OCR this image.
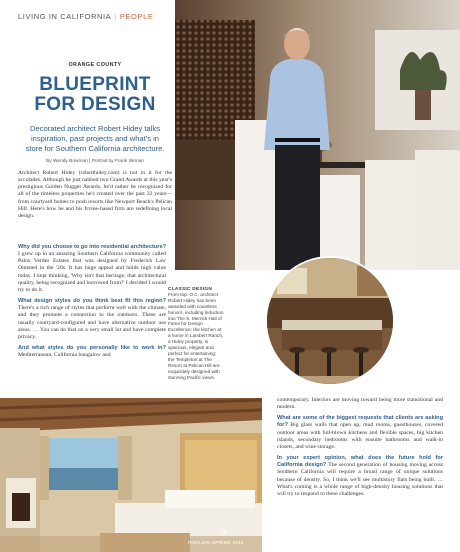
LIVING IN CALIFORNIA | PEOPLE
ORANGE COUNTY
BLUEPRINT
FOR DESIGN
Decorated architect Robert Hidey talks inspiration, past projects and what's in store for Southern California architecture.
By Wendy Bowman | Portrait by Frank Iskman
Architect Robert Hidey (roberthidey.com) is not in it for the accolades. Although he just nabbed two Grand Awards at this year's prestigious Golden Nugget Awards, he'd rather be recognized for all of the timeless properties he's created over the past 32 years—from courtyard homes to posh resorts like Newport Beach's Pelican Hill. Here's how he and his Irvine-based firm are redefining local design.

Why did you choose to go into residential architecture? I grew up in an amazing Southern California community called Palos Verdes Estates that was designed by Frederick Law Olmsted in the '20s. It has huge appeal and holds high value today. I kept thinking, 'Why isn't that heritage, that architectural quality, being recognized and borrowed from?' I decided I would try to do it.

What design styles do you think best fit this region? There's a rich range of styles that perform well with the climate, and they promote a connection to the outdoors. These are usually courtyard-configured and have alternative outdoor use areas. … You can do that on a very small lot and have complete privacy.

And what styles do you personally like to work in? Mediterranean, California bungalow and

CLASSIC DESIGN
From top: O.C. architect Robert Hidey has been awarded with countless honors, including induction into The S. Merrick Hall of Fame for Design Excellence; the kitchen at a home in Lambert Ranch, a Hidey property, is spacious, elegant and perfect for entertaining; the Templeton at The Resort at Pelican Hill are exquisitely designed with stunning Pacific views.

contemporary. Interiors are moving toward being more transitional and modern.

What are some of the biggest requests that clients are asking for? Big glass walls that open up, mud rooms, guesthouses, covered outdoor areas with full-blown kitchens and flexible spaces, big kitchen islands, secondary bedrooms with ensuite bathrooms and walk-in closets, and wine storage.

In your expert opinion, what does the future hold for California design? The second generation of housing moving across Southern California will require a broad range of unique solutions because of density. So, I think we'll see multistory flats being built. … What's coming is a whole range of high-density housing solutions that will try to respond to these challenges.

74
PAVILION SPRING 2014
